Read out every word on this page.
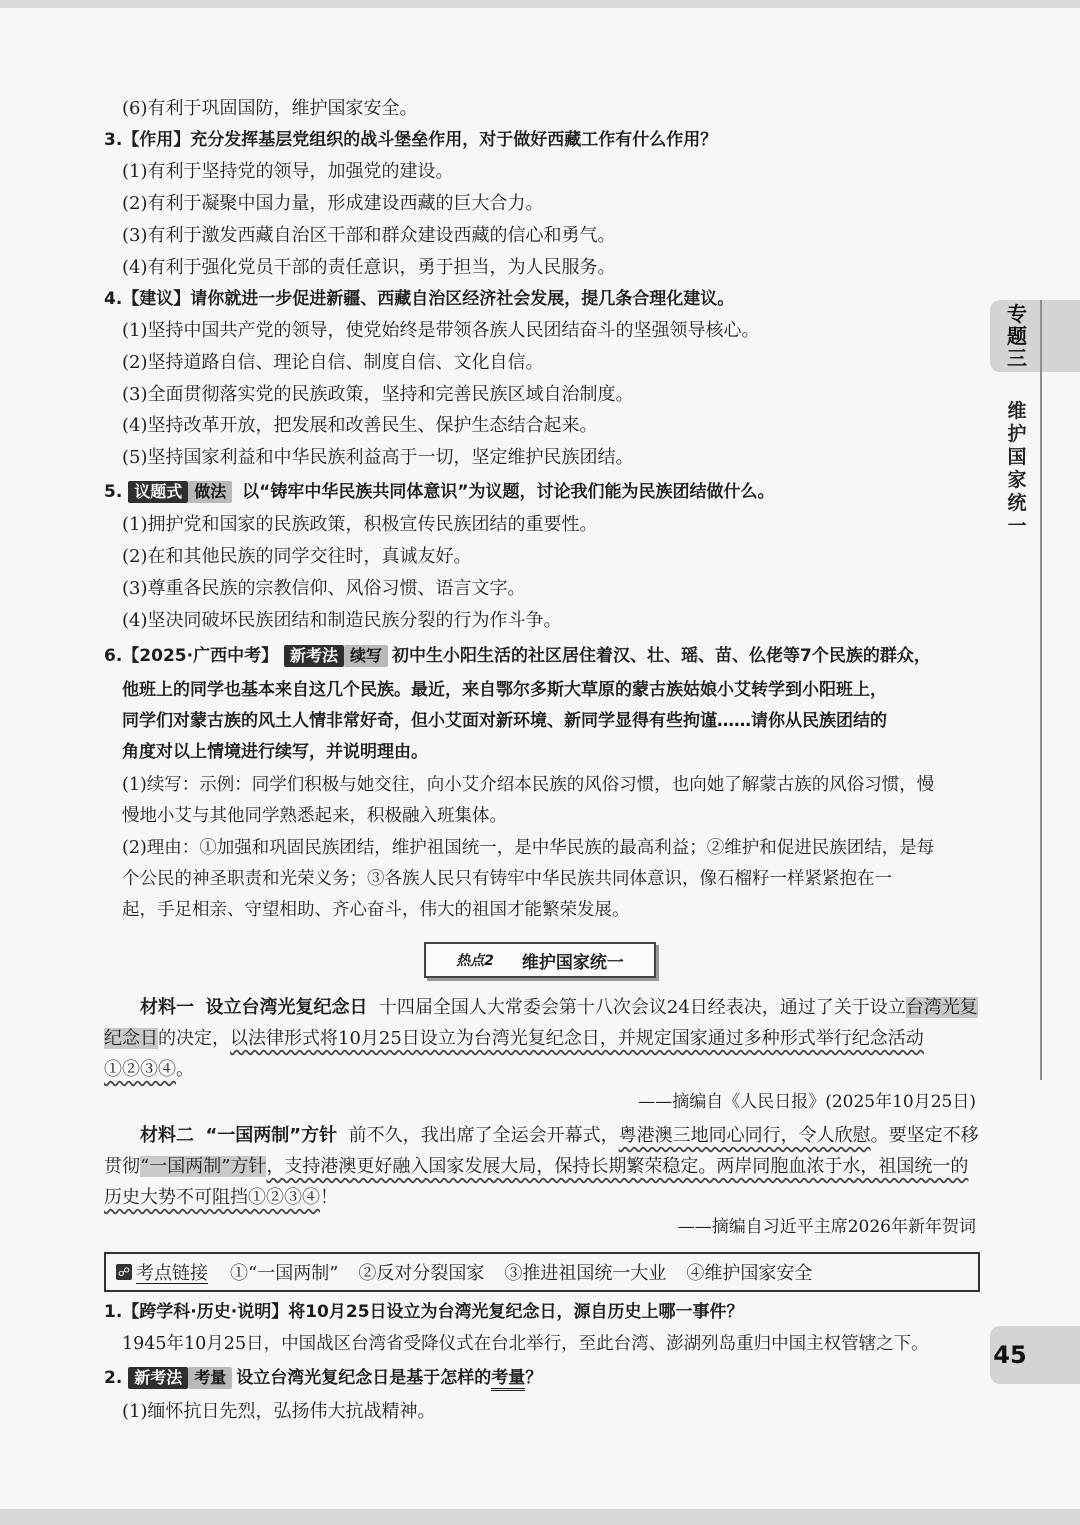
专题三
维护国家统一
45
(6)有利于巩固国防，维护国家安全。
3.【作用】充分发挥基层党组织的战斗堡垒作用，对于做好西藏工作有什么作用？
(1)有利于坚持党的领导，加强党的建设。
(2)有利于凝聚中国力量，形成建设西藏的巨大合力。
(3)有利于激发西藏自治区干部和群众建设西藏的信心和勇气。
(4)有利于强化党员干部的责任意识，勇于担当，为人民服务。
4.【建议】请你就进一步促进新疆、西藏自治区经济社会发展，提几条合理化建议。
(1)坚持中国共产党的领导，使党始终是带领各族人民团结奋斗的坚强领导核心。
(2)坚持道路自信、理论自信、制度自信、文化自信。
(3)全面贯彻落实党的民族政策，坚持和完善民族区域自治制度。
(4)坚持改革开放，把发展和改善民生、保护生态结合起来。
(5)坚持国家利益和中华民族利益高于一切，坚定维护民族团结。
5. 议题式 做法 以“铸牢中华民族共同体意识”为议题，讨论我们能为民族团结做什么。
(1)拥护党和国家的民族政策，积极宣传民族团结的重要性。
(2)在和其他民族的同学交往时，真诚友好。
(3)尊重各民族的宗教信仰、风俗习惯、语言文字。
(4)坚决同破坏民族团结和制造民族分裂的行为作斗争。
6.【2025·广西中考】 新考法 续写 初中生小阳生活的社区居住着汉、壮、瑶、苗、仫佬等7个民族的群众，
他班上的同学也基本来自这几个民族。最近，来自鄂尔多斯大草原的蒙古族姑娘小艾转学到小阳班上，
同学们对蒙古族的风土人情非常好奇，但小艾面对新环境、新同学显得有些拘谨……请你从民族团结的
角度对以上情境进行续写，并说明理由。
(1)续写：示例：同学们积极与她交往，向小艾介绍本民族的风俗习惯，也向她了解蒙古族的风俗习惯，慢
慢地小艾与其他同学熟悉起来，积极融入班集体。
(2)理由：①加强和巩固民族团结，维护祖国统一，是中华民族的最高利益；②维护和促进民族团结，是每
个公民的神圣职责和光荣义务；③各族人民只有铸牢中华民族共同体意识，像石榴籽一样紧紧抱在一
起，手足相亲、守望相助、齐心奋斗，伟大的祖国才能繁荣发展。
热点2 维护国家统一
材料一 设立台湾光复纪念日 十四届全国人大常委会第十八次会议24日经表决，通过了关于设立台湾光复纪念日的决定，以法律形式将10月25日设立为台湾光复纪念日，并规定国家通过多种形式举行纪念活动①②③④。
——摘编自《人民日报》(2025年10月25日)
材料二 “一国两制”方针 前不久，我出席了全运会开幕式，粤港澳三地同心同行，令人欣慰。要坚定不移贯彻“一国两制”方针，支持港澳更好融入国家发展大局，保持长期繁荣稳定。两岸同胞血浓于水，祖国统一的历史大势不可阻挡①②③④！
——摘编自习近平主席2026年新年贺词
☍ 考点链接 ①“一国两制” ②反对分裂国家 ③推进祖国统一大业 ④维护国家安全
1.【跨学科·历史·说明】将10月25日设立为台湾光复纪念日，源自历史上哪一事件？
1945年10月25日，中国战区台湾省受降仪式在台北举行，至此台湾、澎湖列岛重归中国主权管辖之下。
2. 新考法 考量 设立台湾光复纪念日是基于怎样的考量？
(1)缅怀抗日先烈，弘扬伟大抗战精神。
